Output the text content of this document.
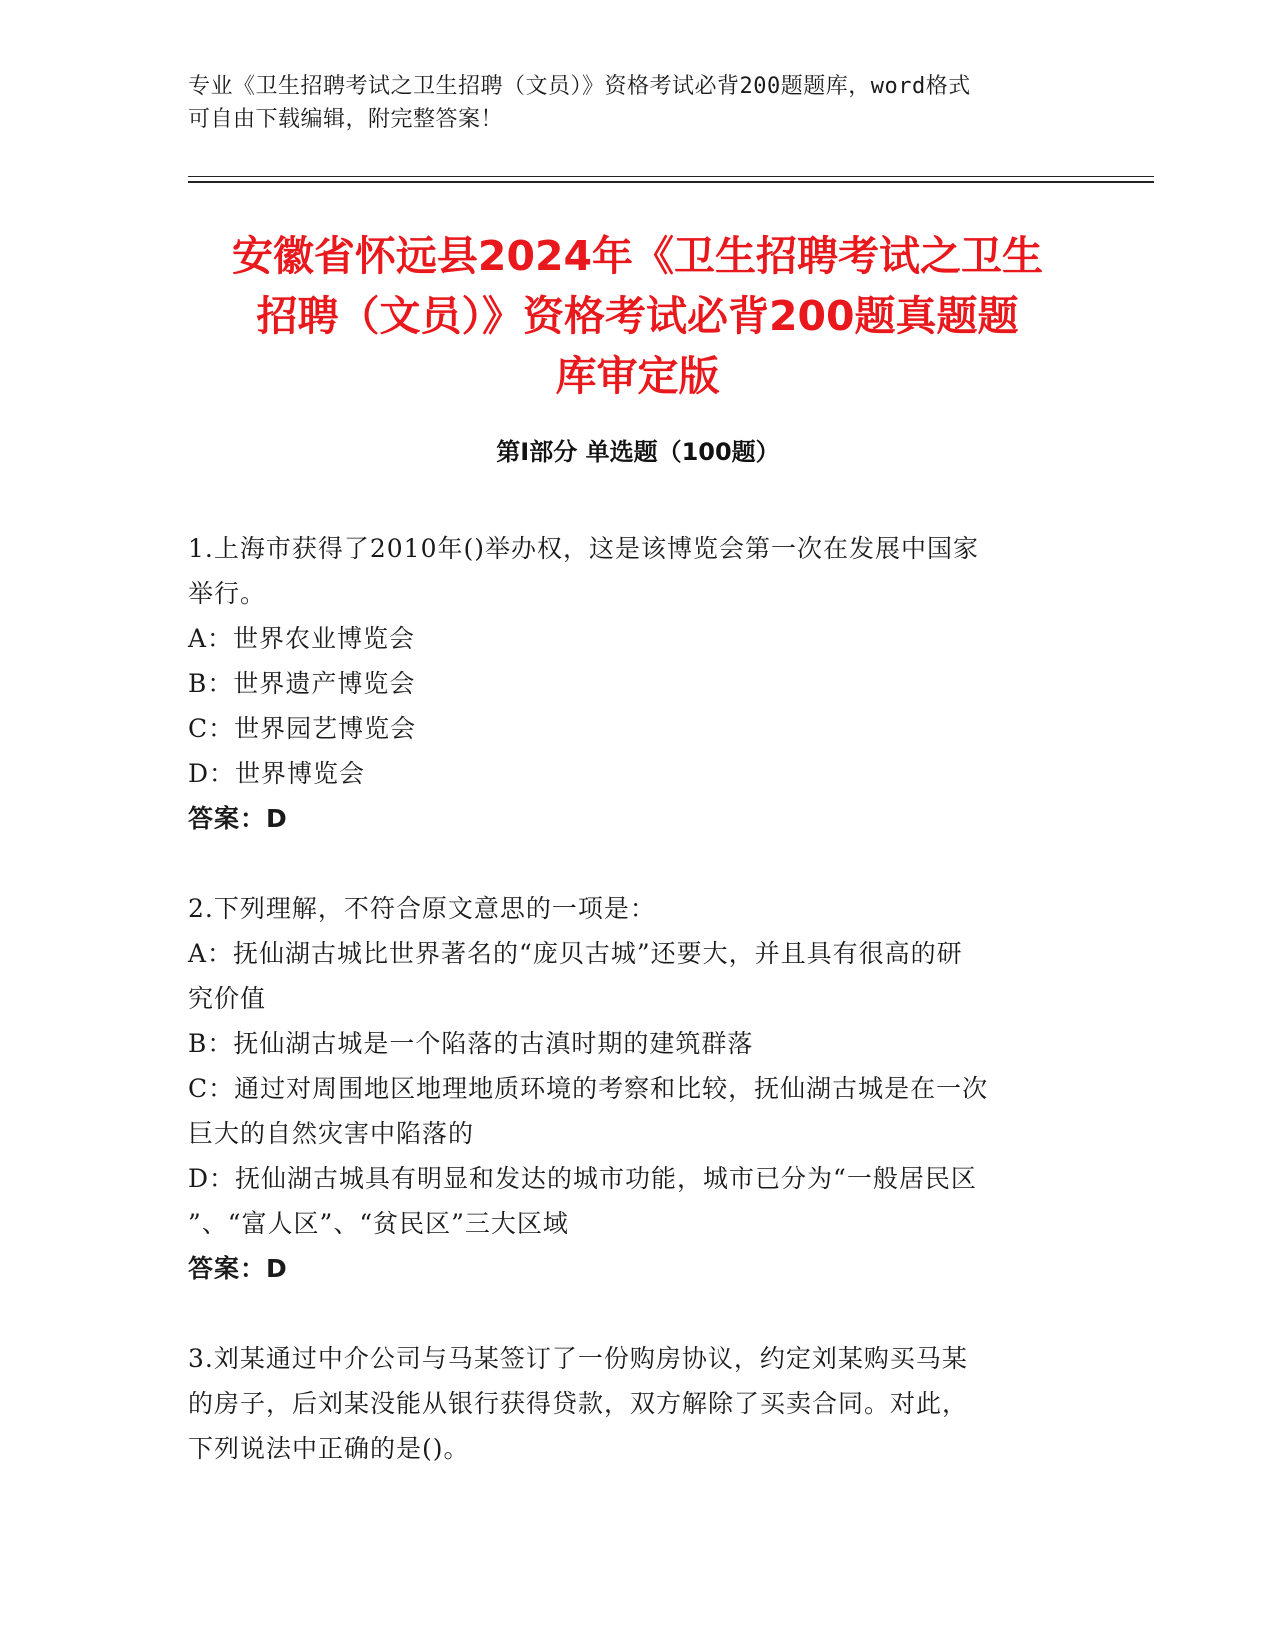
专业《卫生招聘考试之卫生招聘（文员）》资格考试必背200题题库，word格式
可自由下载编辑，附完整答案！
安徽省怀远县2024年《卫生招聘考试之卫生
招聘（文员）》资格考试必背200题真题题
库审定版
第I部分 单选题（100题）
1.上海市获得了2010年()举办权，这是该博览会第一次在发展中国家
举行。
A：世界农业博览会
B：世界遗产博览会
C：世界园艺博览会
D：世界博览会
答案：D
2.下列理解，不符合原文意思的一项是：
A：抚仙湖古城比世界著名的“庞贝古城”还要大，并且具有很高的研
究价值
B：抚仙湖古城是一个陷落的古滇时期的建筑群落
C：通过对周围地区地理地质环境的考察和比较，抚仙湖古城是在一次
巨大的自然灾害中陷落的
D：抚仙湖古城具有明显和发达的城市功能，城市已分为“一般居民区
”、“富人区”、“贫民区”三大区域
答案：D
3.刘某通过中介公司与马某签订了一份购房协议，约定刘某购买马某
的房子，后刘某没能从银行获得贷款，双方解除了买卖合同。对此，
下列说法中正确的是()。
